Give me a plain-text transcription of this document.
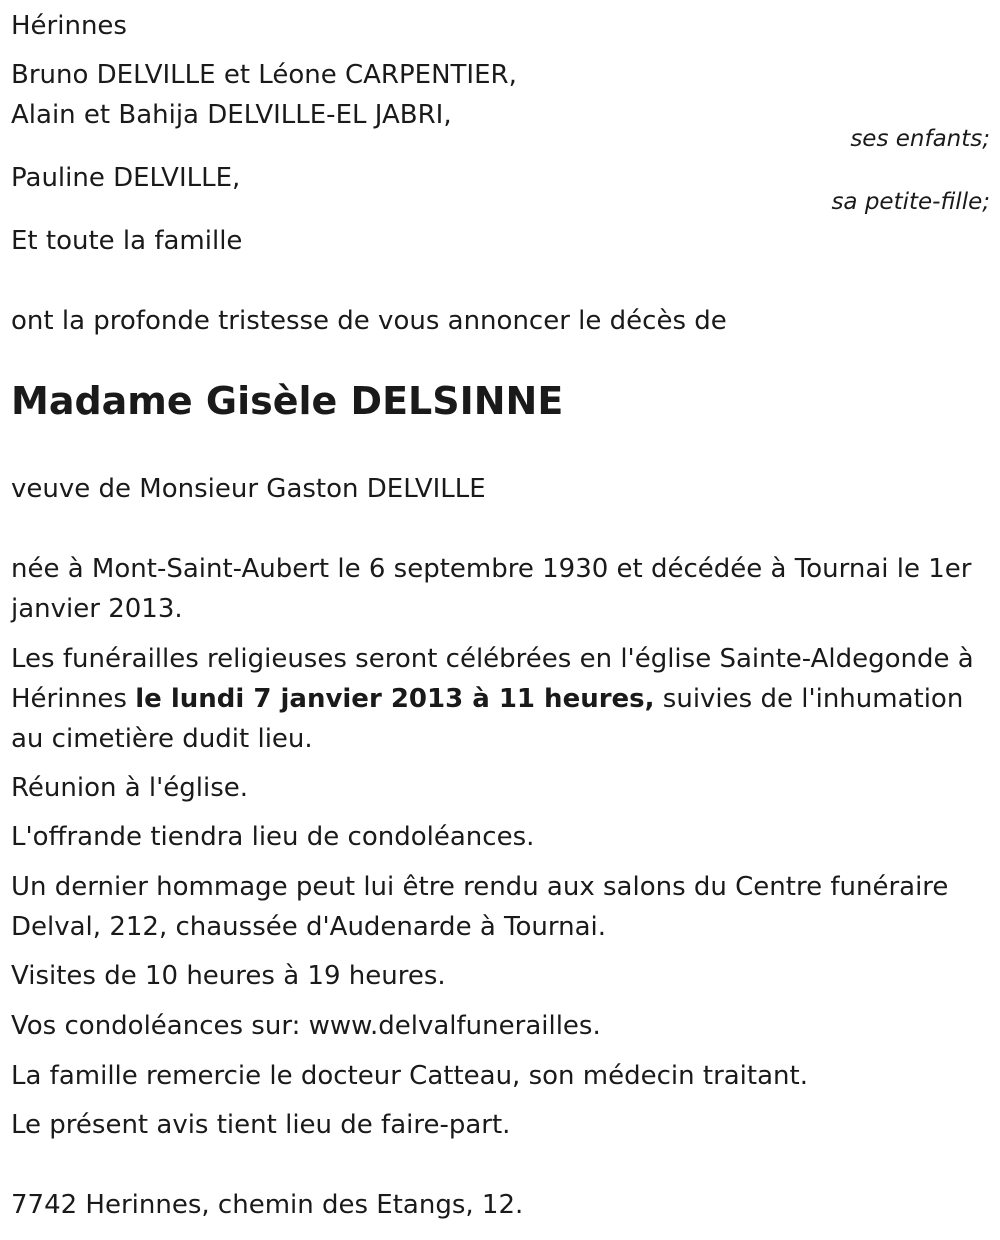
Hérinnes

Bruno DELVILLE et Léone CARPENTIER,

Alain et Bahija DELVILLE-EL JABRI,

ses enfants;

Pauline DELVILLE,

sa petite-fille;

Et toute la famille

ont la profonde tristesse de vous annoncer le décès de

Madame Gisèle DELSINNE

veuve de Monsieur Gaston DELVILLE

née à Mont-Saint-Aubert le 6 septembre 1930 et décédée à Tournai le 1er janvier 2013.

Les funérailles religieuses seront célébrées en l'église Sainte-Aldegonde à Hérinnes le lundi 7 janvier 2013 à 11 heures, suivies de l'inhumation au cimetière dudit lieu.

Réunion à l'église.

L'offrande tiendra lieu de condoléances.

Un dernier hommage peut lui être rendu aux salons du Centre funéraire Delval, 212, chaussée d'Audenarde à Tournai.

Visites de 10 heures à 19 heures.

Vos condoléances sur: www.delvalfunerailles.

La famille remercie le docteur Catteau, son médecin traitant.

Le présent avis tient lieu de faire-part.

7742 Herinnes, chemin des Etangs, 12.
